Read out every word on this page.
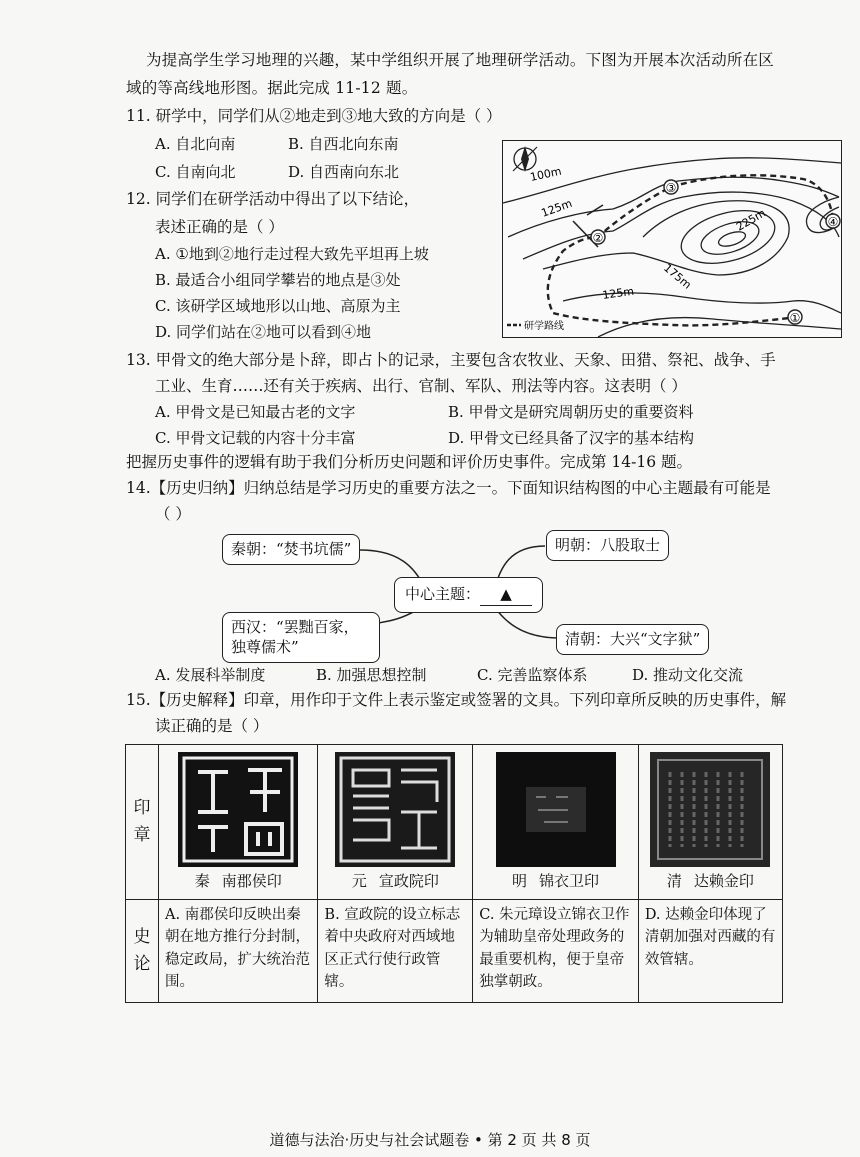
为提高学生学习地理的兴趣，某中学组织开展了地理研学活动。下图为开展本次活动所在区
域的等高线地形图。据此完成 11-12 题。
11. 研学中，同学们从②地走到③地大致的方向是（ ）
A. 自北向南	B. 自西北向东南
C. 自南向北	D. 自西南向东北
12. 同学们在研学活动中得出了以下结论，
表述正确的是（ ）
A. ①地到②地行走过程大致先平坦再上坡
B. 最适合小组同学攀岩的地点是③处
C. 该研学区域地形以山地、高原为主
D. 同学们站在②地可以看到④地
①
②
③
④
100m
125m	225m
175m
125m
研学路线
13. 甲骨文的绝大部分是卜辞，即占卜的记录，主要包含农牧业、天象、田猎、祭祀、战争、手
工业、生育……还有关于疾病、出行、官制、军队、刑法等内容。这表明（ ）
A. 甲骨文是已知最古老的文字	B. 甲骨文是研究周朝历史的重要资料
C. 甲骨文记载的内容十分丰富	D. 甲骨文已经具备了汉字的基本结构
把握历史事件的逻辑有助于我们分析历史问题和评价历史事件。完成第 14-16 题。
14.【历史归纳】归纳总结是学习历史的重要方法之一。下面知识结构图的中心主题最有可能是
（ ）
秦朝：“焚书坑儒”	明朝：八股取士
中心主题： ▲
西汉：“罢黜百家，独尊儒术”	清朝：大兴“文字狱”
A. 发展科举制度	B. 加强思想控制	C. 完善监察体系	D. 推动文化交流
15.【历史解释】印章，用作印于文件上表示鉴定或签署的文具。下列印章所反映的历史事件，解
读正确的是（ ）
印章	秦 南郡侯印	元 宣政院印	明 锦衣卫印	清 达赖金印

史论	A. 南郡侯印反映出秦朝在地方推行分封制，稳定政局，扩大统治范围。	B. 宣政院的设立标志着中央政府对西域地区正式行使行政管辖。	C. 朱元璋设立锦衣卫作为辅助皇帝处理政务的最重要机构，便于皇帝独掌朝政。	D. 达赖金印体现了清朝加强对西藏的有效管辖。
道德与法治·历史与社会试题卷 • 第 2 页 共 8 页
